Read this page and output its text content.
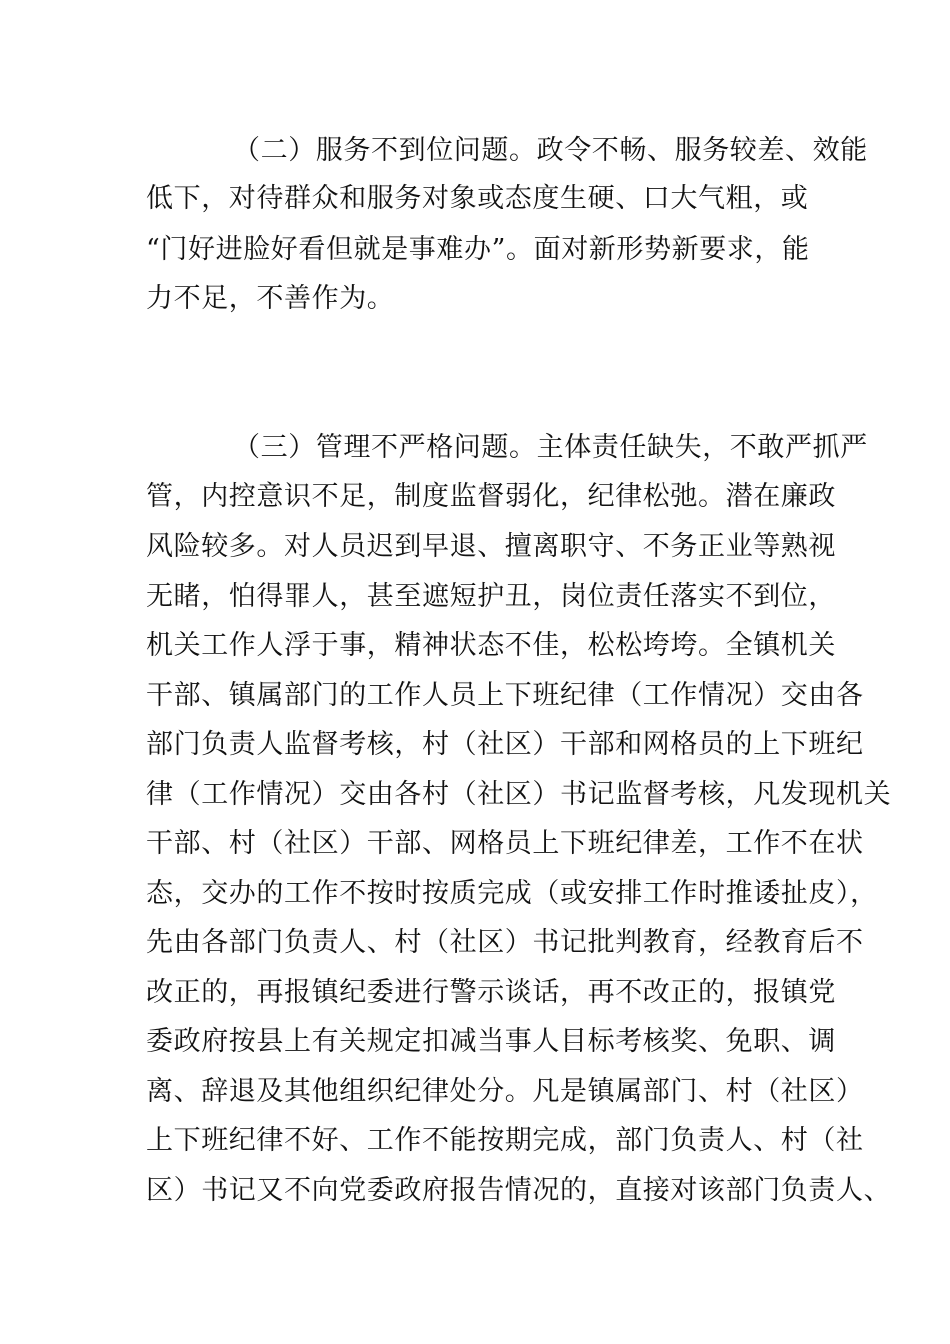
（二）服务不到位问题。政令不畅、服务较差、效能
低下，对待群众和服务对象或态度生硬、口大气粗，或
“门好进脸好看但就是事难办”。面对新形势新要求，能
力不足，不善作为。
（三）管理不严格问题。主体责任缺失，不敢严抓严
管，内控意识不足，制度监督弱化，纪律松弛。潜在廉政
风险较多。对人员迟到早退、擅离职守、不务正业等熟视
无睹，怕得罪人，甚至遮短护丑，岗位责任落实不到位，
机关工作人浮于事，精神状态不佳，松松垮垮。全镇机关
干部、镇属部门的工作人员上下班纪律（工作情况）交由各
部门负责人监督考核，村（社区）干部和网格员的上下班纪
律（工作情况）交由各村（社区）书记监督考核，凡发现机关
干部、村（社区）干部、网格员上下班纪律差，工作不在状
态，交办的工作不按时按质完成（或安排工作时推诿扯皮），
先由各部门负责人、村（社区）书记批判教育，经教育后不
改正的，再报镇纪委进行警示谈话，再不改正的，报镇党
委政府按县上有关规定扣减当事人目标考核奖、免职、调
离、辞退及其他组织纪律处分。凡是镇属部门、村（社区）
上下班纪律不好、工作不能按期完成，部门负责人、村（社
区）书记又不向党委政府报告情况的，直接对该部门负责人、
